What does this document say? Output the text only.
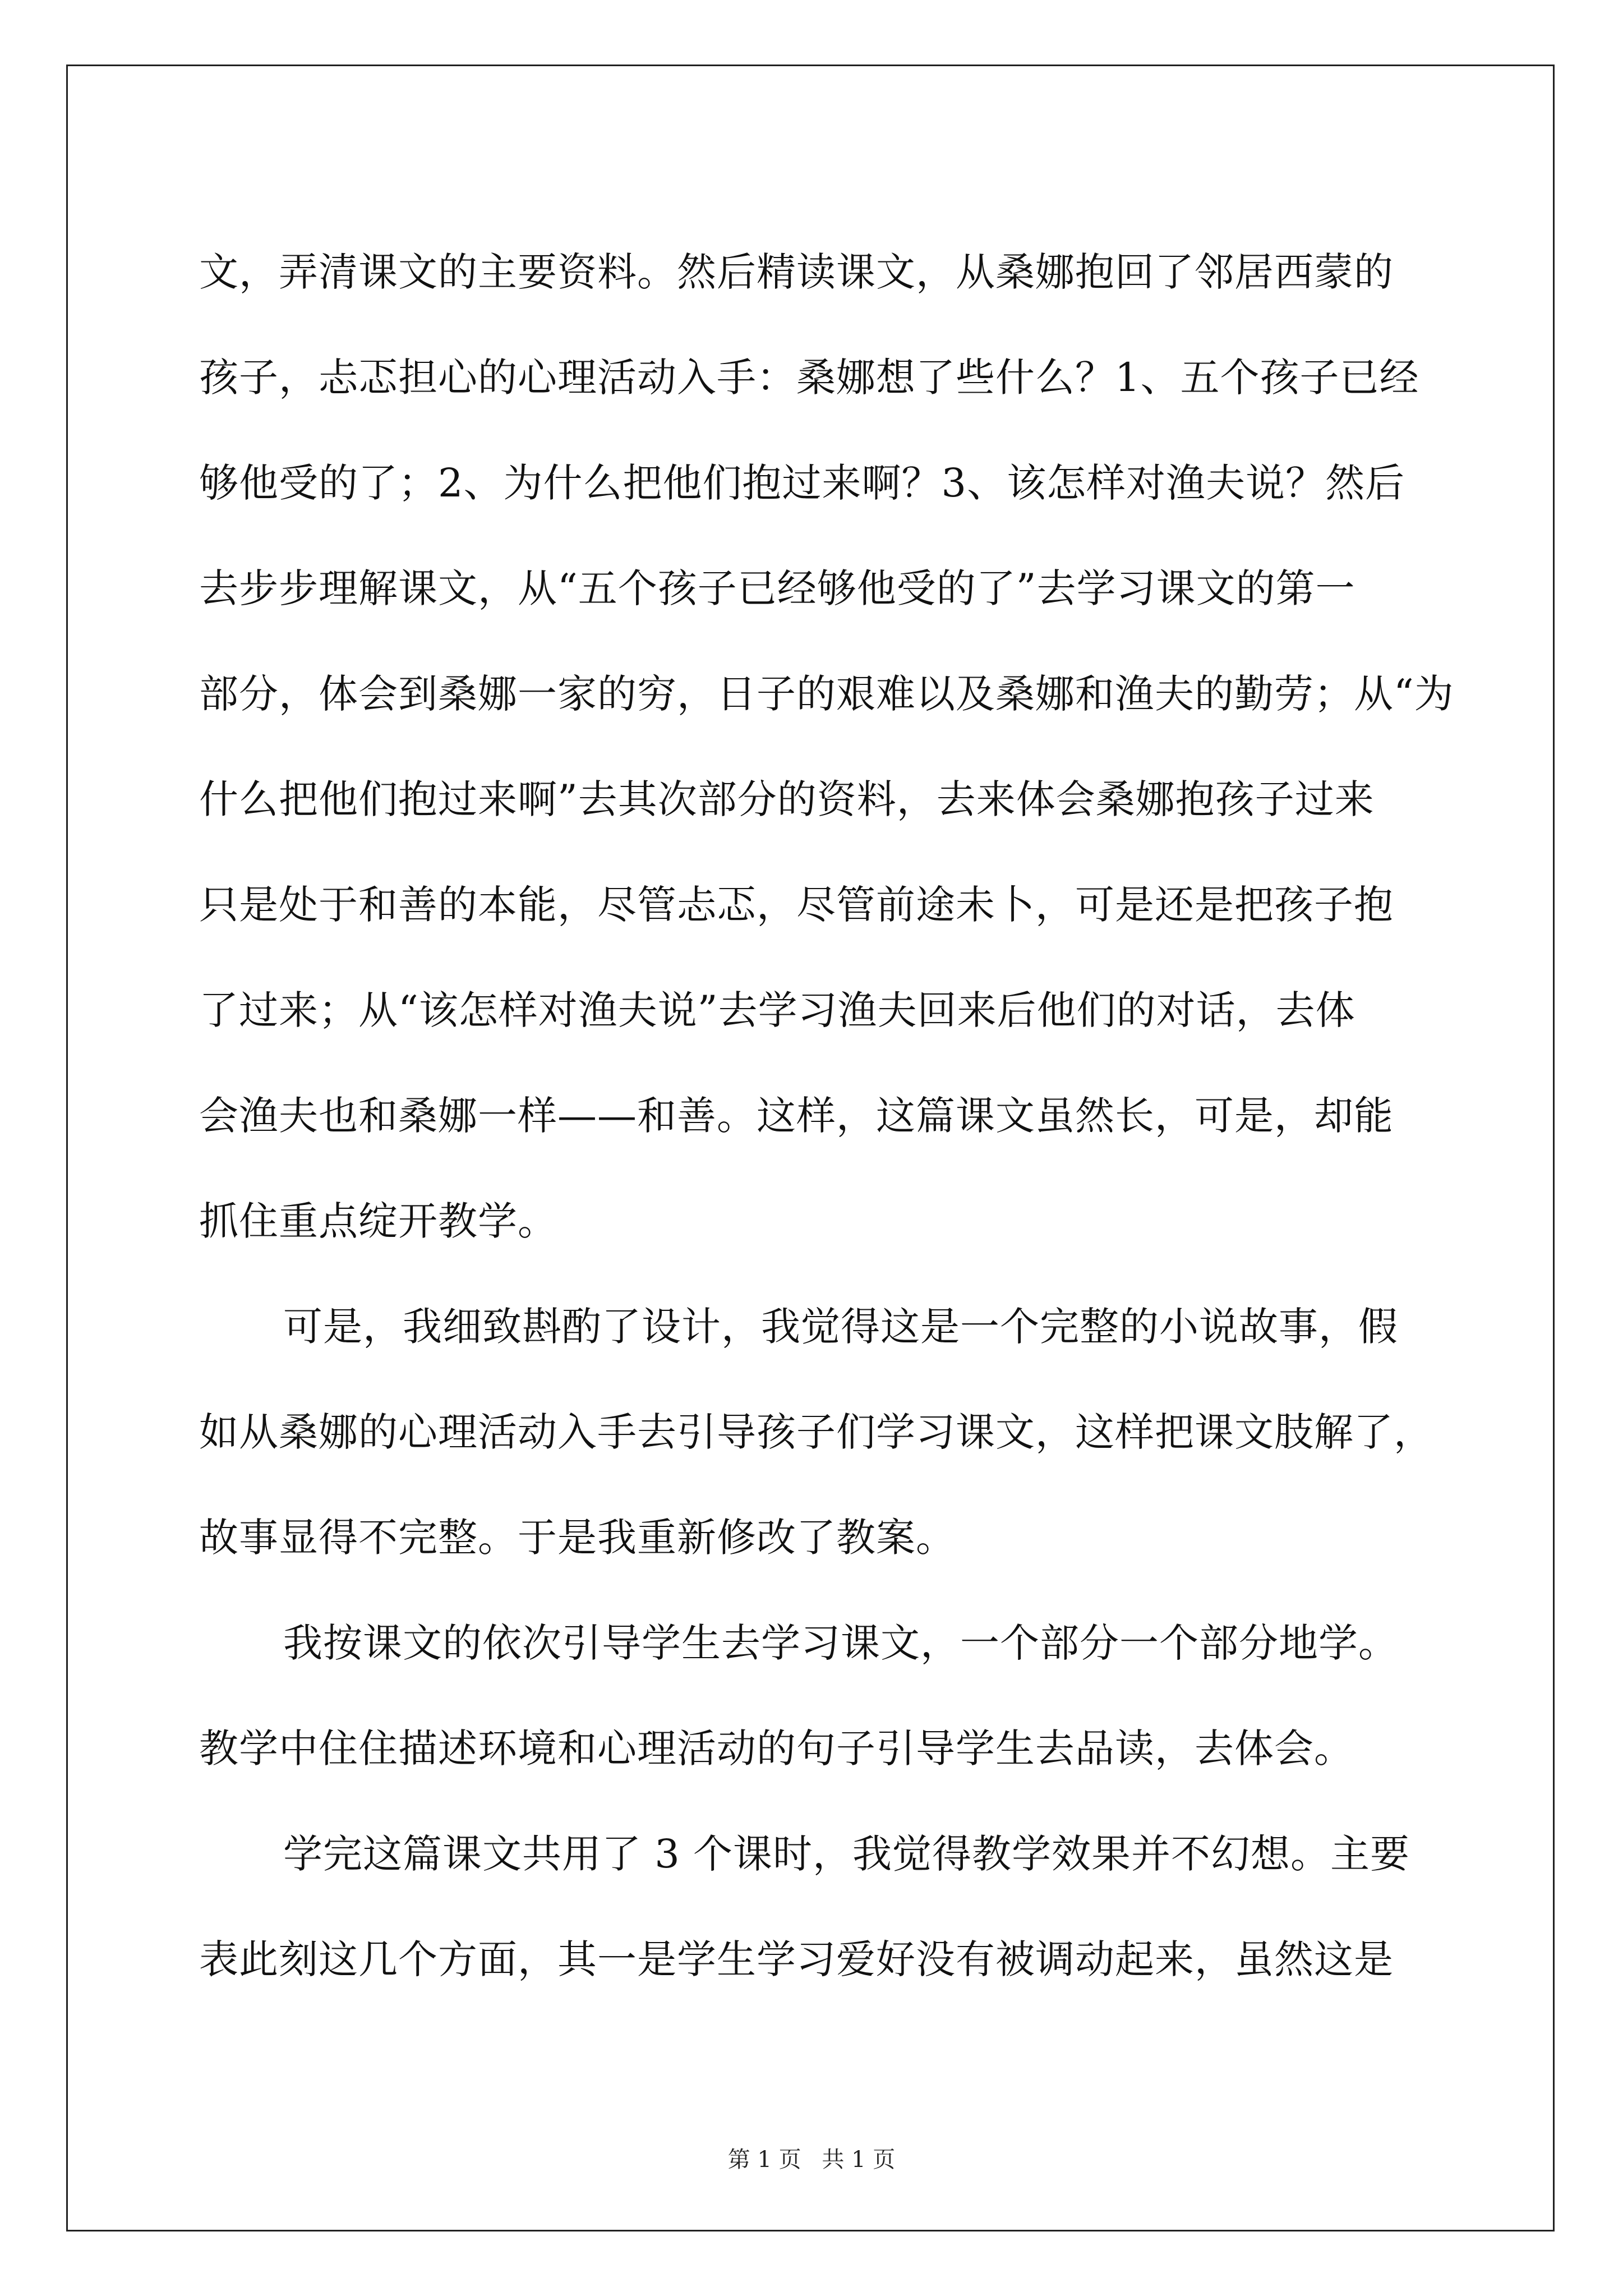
文，弄清课文的主要资料。然后精读课文，从桑娜抱回了邻居西蒙的
孩子，忐忑担心的心理活动入手：桑娜想了些什么？1、五个孩子已经
够他受的了；2、为什么把他们抱过来啊？3、该怎样对渔夫说？然后
去步步理解课文，从“五个孩子已经够他受的了”去学习课文的第一
部分，体会到桑娜一家的穷，日子的艰难以及桑娜和渔夫的勤劳；从“为
什么把他们抱过来啊”去其次部分的资料，去来体会桑娜抱孩子过来
只是处于和善的本能，尽管忐忑，尽管前途未卜，可是还是把孩子抱
了过来；从“该怎样对渔夫说”去学习渔夫回来后他们的对话，去体
会渔夫也和桑娜一样——和善。这样，这篇课文虽然长，可是，却能
抓住重点绽开教学。
可是，我细致斟酌了设计，我觉得这是一个完整的小说故事，假
如从桑娜的心理活动入手去引导孩子们学习课文，这样把课文肢解了，
故事显得不完整。于是我重新修改了教案。
我按课文的依次引导学生去学习课文，一个部分一个部分地学。
教学中住住描述环境和心理活动的句子引导学生去品读，去体会。
学完这篇课文共用了 3 个课时，我觉得教学效果并不幻想。主要
表此刻这几个方面，其一是学生学习爱好没有被调动起来，虽然这是
第 1 页 共 1 页
